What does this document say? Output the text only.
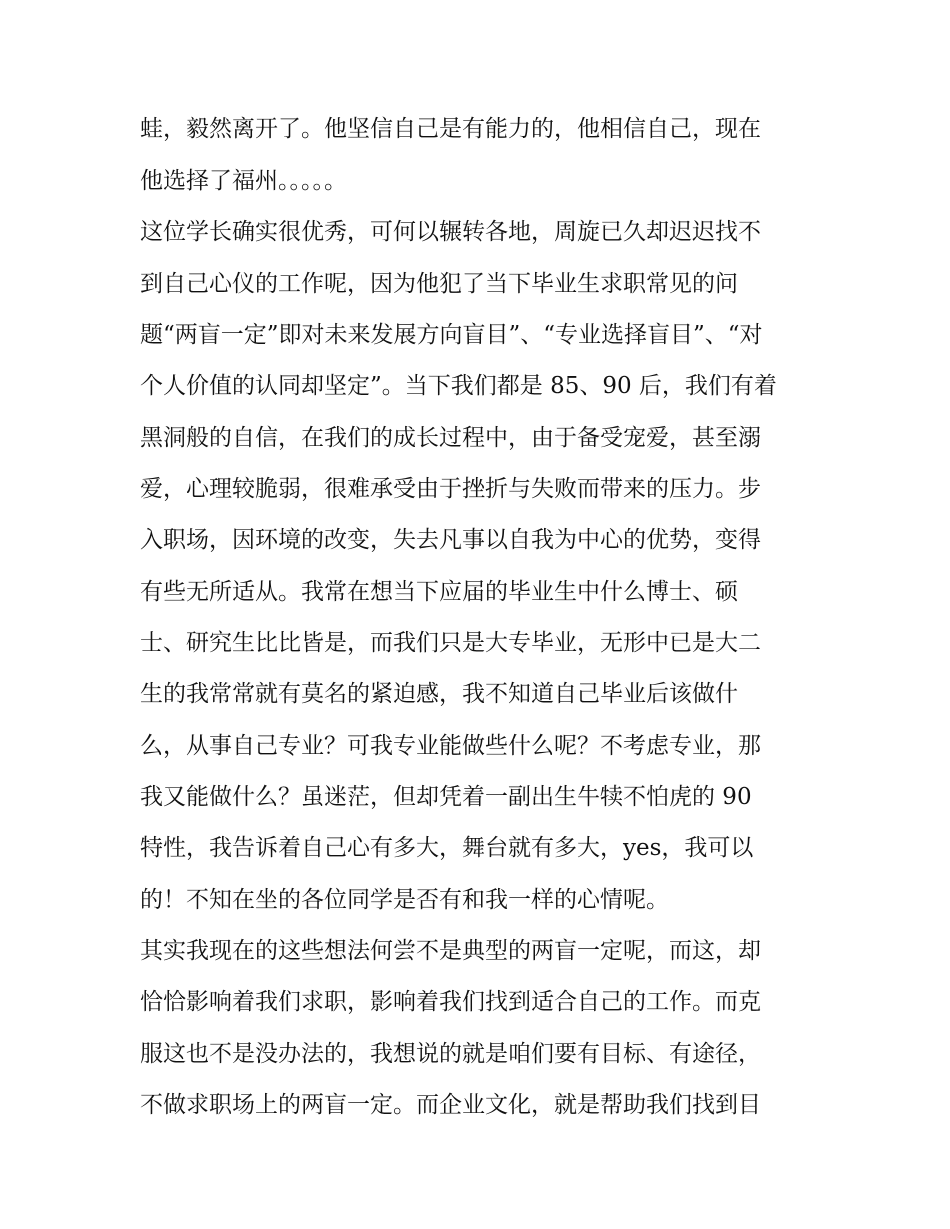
蛙，毅然离开了。他坚信自己是有能力的，他相信自己，现在
他选择了福州。。。。。
这位学长确实很优秀，可何以辗转各地，周旋已久却迟迟找不
到自己心仪的工作呢，因为他犯了当下毕业生求职常见的问
题“两盲一定”即对未来发展方向盲目”、“专业选择盲目”、“对
个人价值的认同却坚定”。当下我们都是 85、90 后，我们有着
黑洞般的自信，在我们的成长过程中，由于备受宠爱，甚至溺
爱，心理较脆弱，很难承受由于挫折与失败而带来的压力。步
入职场，因环境的改变，失去凡事以自我为中心的优势，变得
有些无所适从。我常在想当下应届的毕业生中什么博士、硕
士、研究生比比皆是，而我们只是大专毕业，无形中已是大二
生的我常常就有莫名的紧迫感，我不知道自己毕业后该做什
么，从事自己专业？可我专业能做些什么呢？不考虑专业，那
我又能做什么？虽迷茫，但却凭着一副出生牛犊不怕虎的 90
特性，我告诉着自己心有多大，舞台就有多大，yes，我可以
的！不知在坐的各位同学是否有和我一样的心情呢。
其实我现在的这些想法何尝不是典型的两盲一定呢，而这，却
恰恰影响着我们求职，影响着我们找到适合自己的工作。而克
服这也不是没办法的，我想说的就是咱们要有目标、有途径，
不做求职场上的两盲一定。而企业文化，就是帮助我们找到目
